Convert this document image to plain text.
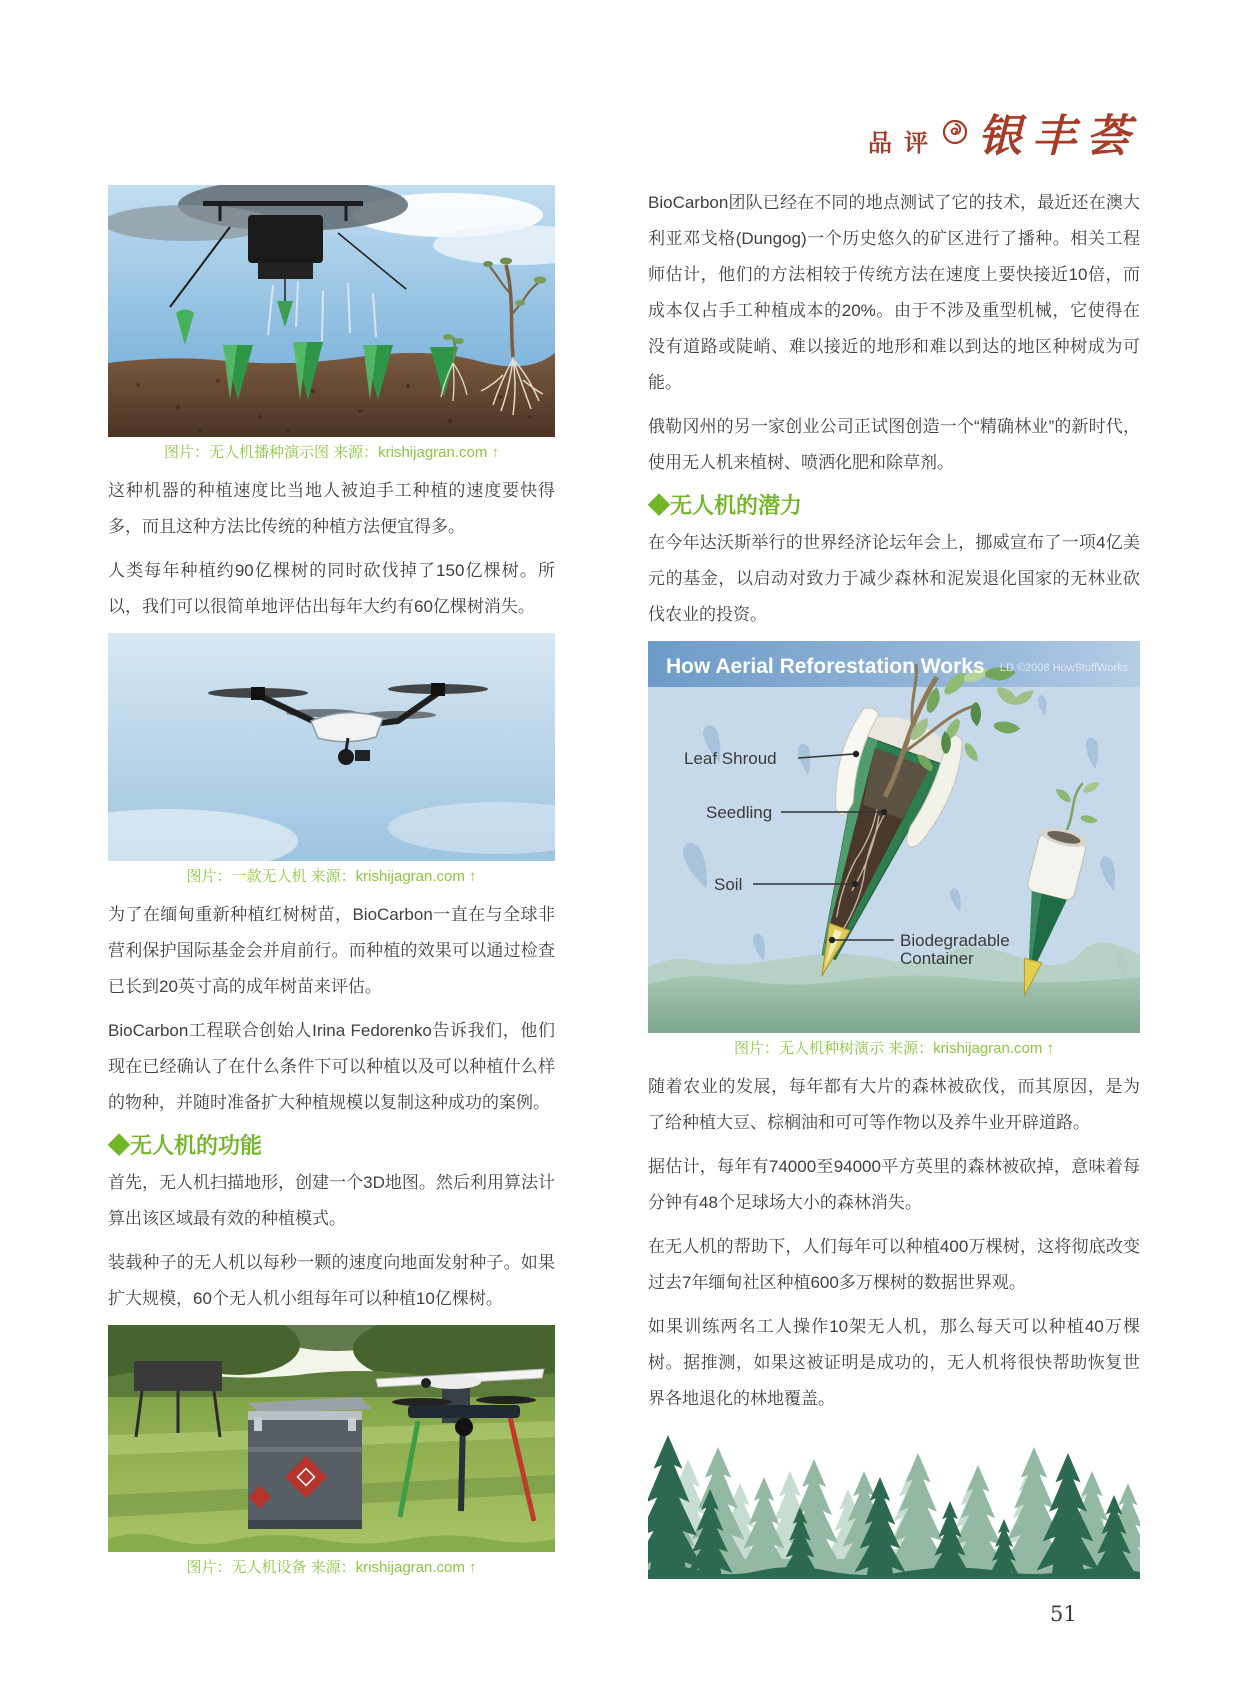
品评 银丰荟
图片：无人机播种演示图 来源：krishijagran.com ↑

这种机器的种植速度比当地人被迫手工种植的速度要快得多，而且这种方法比传统的种植方法便宜得多。

人类每年种植约90亿棵树的同时砍伐掉了150亿棵树。所以，我们可以很简单地评估出每年大约有60亿棵树消失。

图片：一款无人机 来源：krishijagran.com ↑

为了在缅甸重新种植红树树苗，BioCarbon一直在与全球非营利保护国际基金会并肩前行。而种植的效果可以通过检查已长到20英寸高的成年树苗来评估。

BioCarbon工程联合创始人Irina Fedorenko告诉我们，他们现在已经确认了在什么条件下可以种植以及可以种植什么样的物种，并随时准备扩大种植规模以复制这种成功的案例。

◆无人机的功能

首先，无人机扫描地形，创建一个3D地图。然后利用算法计算出该区域最有效的种植模式。

装载种子的无人机以每秒一颗的速度向地面发射种子。如果扩大规模，60个无人机小组每年可以种植10亿棵树。

图片：无人机设备 来源：krishijagran.com ↑

BioCarbon团队已经在不同的地点测试了它的技术，最近还在澳大利亚邓戈格(Dungog)一个历史悠久的矿区进行了播种。相关工程师估计，他们的方法相较于传统方法在速度上要快接近10倍，而成本仅占手工种植成本的20%。由于不涉及重型机械，它使得在没有道路或陡峭、难以接近的地形和难以到达的地区种树成为可能。

俄勒冈州的另一家创业公司正试图创造一个“精确林业”的新时代，使用无人机来植树、喷洒化肥和除草剂。

◆无人机的潜力

在今年达沃斯举行的世界经济论坛年会上，挪威宣布了一项4亿美元的基金，以启动对致力于减少森林和泥炭退化国家的无林业砍伐农业的投资。

How Aerial Reforestation Works LD ©2008 HowStuffWorks
Leaf Shroud
Seedling
Soil
Biodegradable
Container
图片：无人机种树演示 来源：krishijagran.com ↑

随着农业的发展，每年都有大片的森林被砍伐，而其原因，是为了给种植大豆、棕榈油和可可等作物以及养牛业开辟道路。

据估计，每年有74000至94000平方英里的森林被砍掉，意味着每分钟有48个足球场大小的森林消失。

在无人机的帮助下，人们每年可以种植400万棵树，这将彻底改变过去7年缅甸社区种植600多万棵树的数据世界观。

如果训练两名工人操作10架无人机，那么每天可以种植40万棵树。据推测，如果这被证明是成功的，无人机将很快帮助恢复世界各地退化的林地覆盖。

51
